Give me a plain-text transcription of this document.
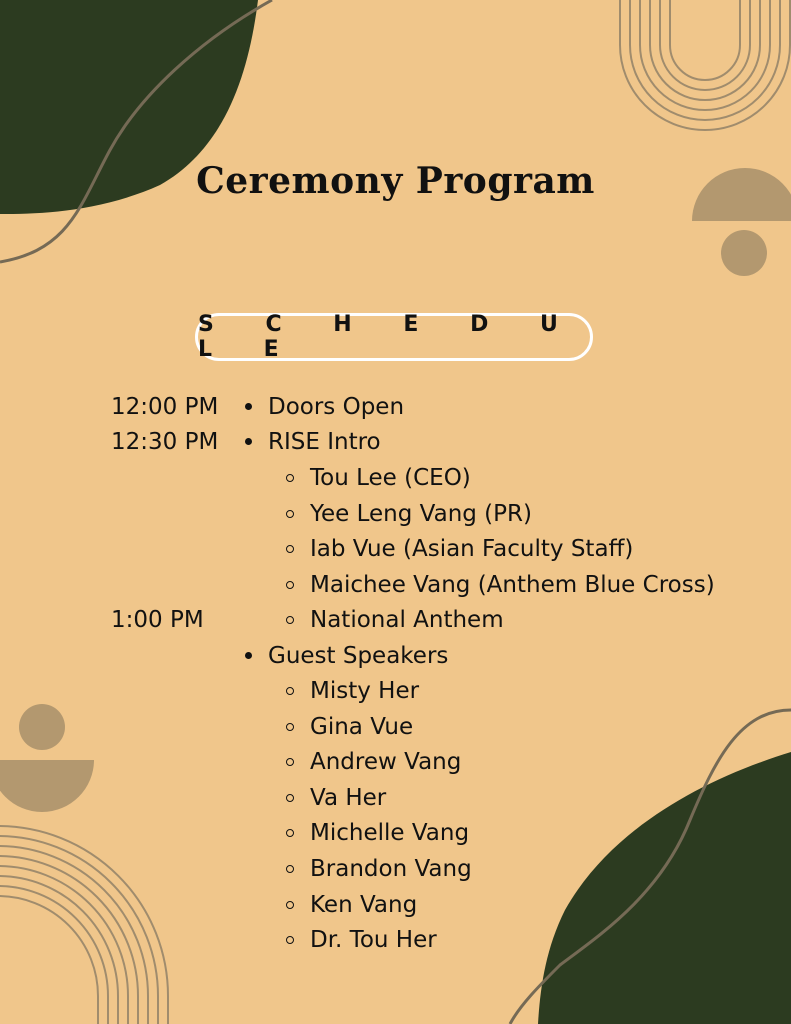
Ceremony Program
S C H E D U L E
12:00 PM
12:30 PM
1:00 PM
Doors Open
RISE Intro
Tou Lee (CEO)
Yee Leng Vang (PR)
Iab Vue (Asian Faculty Staff)
Maichee Vang (Anthem Blue Cross)
National Anthem
Guest Speakers
Misty Her
Gina Vue
Andrew Vang
Va Her
Michelle Vang
Brandon Vang
Ken Vang
Dr. Tou Her
